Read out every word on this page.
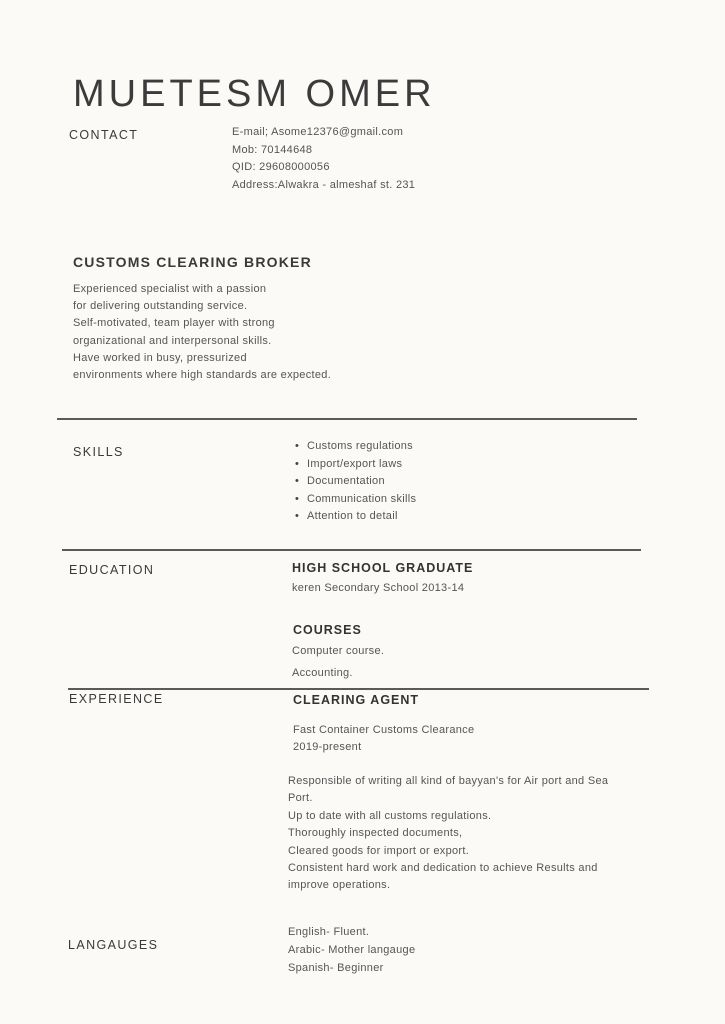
MUETESM OMER
CONTACT	E-mail; Asome12376@gmail.com
Mob: 70144648
QID: 29608000056
Address:Alwakra - almeshaf st. 231
CUSTOMS CLEARING BROKER
Experienced specialist with a passion
for delivering outstanding service.
Self-motivated, team player with strong
organizational and interpersonal skills.
Have worked in busy, pressurized
environments where high standards are expected.
SKILLS
•	Customs regulations
• Import/export laws
• Documentation
• Communication skills
• Attention to detail
EDUCATION	HIGH SCHOOL GRADUATE
keren Secondary School 2013-14
COURSES
Computer course.
Accounting.
EXPERIENCE	CLEARING AGENT
Fast Container Customs Clearance
2019-present
Responsible of writing all kind of bayyan's for Air port and Sea
Port.
Up to date with all customs regulations.
Thoroughly inspected documents,
Cleared goods for import or export.
Consistent hard work and dedication to achieve Results and
improve operations.
LANGAUGES
English- Fluent.
Arabic- Mother langauge
Spanish- Beginner
